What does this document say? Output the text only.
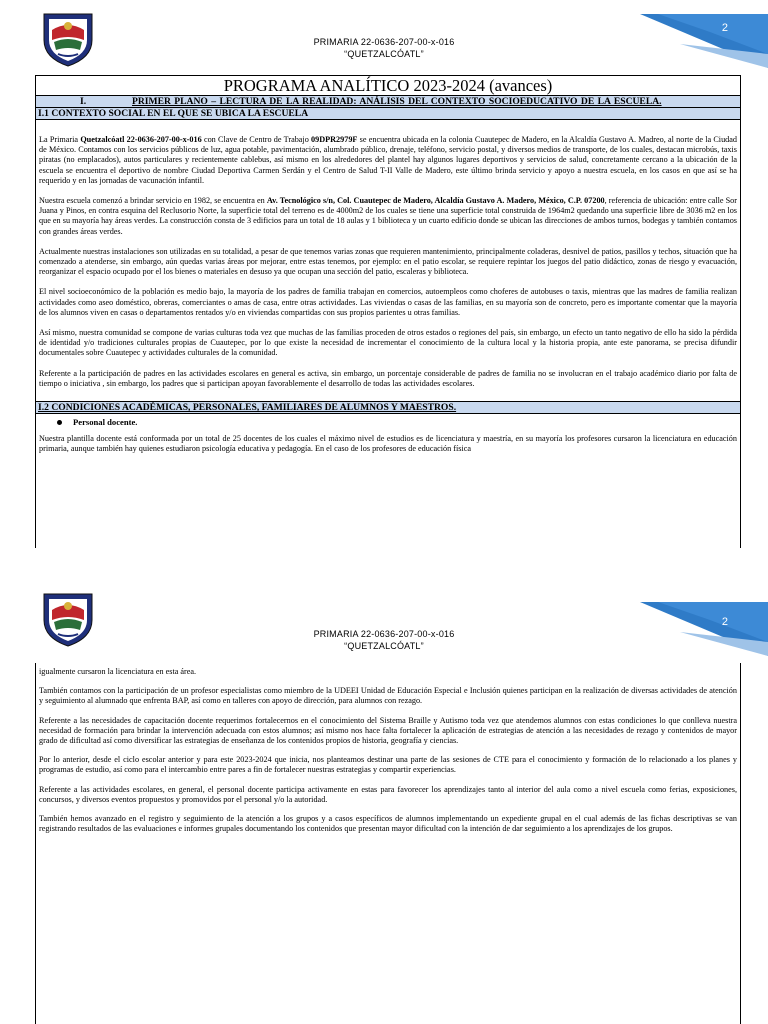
PRIMARIA 22-0636-207-00-x-016
“QUETZALCÓATL”
2
PROGRAMA ANALÍTICO 2023-2024 (avances)
I.	PRIMER PLANO – LECTURA DE LA REALIDAD: ANÁLISIS DEL CONTEXTO SOCIOEDUCATIVO DE LA ESCUELA.
I.1 CONTEXTO SOCIAL EN EL QUE SE UBICA LA ESCUELA

La Primaria Quetzalcóatl 22-0636-207-00-x-016 con Clave de Centro de Trabajo 09DPR2979F se encuentra ubicada en la colonia Cuautepec de Madero, en la Alcaldía Gustavo A. Madreo, al norte de la Ciudad de México. Contamos con los servicios públicos de luz, agua potable, pavimentación, alumbrado público, drenaje, teléfono, servicio postal, y diversos medios de transporte, de los cuales, destacan microbús, taxis piratas (no emplacados), autos particulares y recientemente cablebus, así mismo en los alrededores del plantel hay algunos lugares deportivos y servicios de salud, concretamente cercano a la ubicación de la escuela se encuentra el deportivo de nombre Ciudad Deportiva Carmen Serdán y el Centro de Salud T-II Valle de Madero, este último brinda servicio y apoyo a nuestra escuela, en los casos en que así se ha requerido y en las jornadas de vacunación infantil.

Nuestra escuela comenzó a brindar servicio en 1982, se encuentra en Av. Tecnológico s/n, Col. Cuautepec de Madero, Alcaldía Gustavo A. Madero, México, C.P. 07200, referencia de ubicación: entre calle Sor Juana y Pinos, en contra esquina del Reclusorio Norte, la superficie total del terreno es de 4000m2 de los cuales se tiene una superficie total construida de 1964m2 quedando una superficie libre de 3036 m2 en los que en su mayoría hay áreas verdes. La construcción consta de 3 edificios para un total de 18 aulas y 1 biblioteca y un cuarto edificio donde se ubican las direcciones de ambos turnos, bodegas y también contamos con grandes áreas verdes.

Actualmente nuestras instalaciones son utilizadas en su totalidad, a pesar de que tenemos varias zonas que requieren mantenimiento, principalmente coladeras, desnivel de patios, pasillos y techos, situación que ha comenzado a atenderse, sin embargo, aún quedas varias áreas por mejorar, entre estas tenemos, por ejemplo: en el patio escolar, se requiere repintar los juegos del patio didáctico, zonas de riesgo y evacuación, reorganizar el espacio ocupado por el los bienes o materiales en desuso ya que ocupan una sección del patio, escaleras y biblioteca.

El nivel socioeconómico de la población es medio bajo, la mayoría de los padres de familia trabajan en comercios, autoempleos como choferes de autobuses o taxis, mientras que las madres de familia realizan actividades como aseo doméstico, obreras, comerciantes o amas de casa, entre otras actividades. Las viviendas o casas de las familias, en su mayoría son de concreto, pero es importante comentar que la mayoría de los alumnos viven en casas o departamentos rentados y/o en viviendas compartidas con sus propios parientes u otras familias.

Así mismo, nuestra comunidad se compone de varias culturas toda vez que muchas de las familias proceden de otros estados o regiones del país, sin embargo, un efecto un tanto negativo de ello ha sido la pérdida de identidad y/o tradiciones culturales propias de Cuautepec, por lo que existe la necesidad de incrementar el conocimiento de la cultura local y la historia propia, ante este panorama, se precisa difundir documentales sobre Cuautepec y actividades culturales de la comunidad.

Referente a la participación de padres en las actividades escolares en general es activa, sin embargo, un porcentaje considerable de padres de familia no se involucran en el trabajo académico diario por falta de tiempo o iniciativa , sin embargo, los padres que si participan apoyan favorablemente el desarrollo de todas las actividades escolares.

I.2 CONDICIONES ACADÉMICAS, PERSONALES, FAMILIARES DE ALUMNOS Y MAESTROS.
Personal docente.

Nuestra plantilla docente está conformada por un total de 25 docentes de los cuales el máximo nivel de estudios es de licenciatura y maestría, en su mayoría los profesores cursaron la licenciatura en educación primaria, aunque también hay quienes estudiaron psicología educativa y pedagogía. En el caso de los profesores de educación física

PRIMARIA 22-0636-207-00-x-016
“QUETZALCÓATL”
2

igualmente cursaron la licenciatura en esta área.

También contamos con la participación de un profesor especialistas como miembro de la UDEEI Unidad de Educación Especial e Inclusión quienes participan en la realización de diversas actividades de atención y seguimiento al alumnado que enfrenta BAP, así como en talleres con apoyo de dirección, para alumnos con rezago.

Referente a las necesidades de capacitación docente requerimos fortalecernos en el conocimiento del Sistema Braille y Autismo toda vez que atendemos alumnos con estas condiciones lo que conlleva nuestra necesidad de formación para brindar la intervención adecuada con estos alumnos; así mismo nos hace falta fortalecer la aplicación de estrategias de atención a las necesidades de rezago y contenidos de mayor grado de dificultad así como diversificar las estrategias de enseñanza de los contenidos propios de historia, geografía y ciencias.

Por lo anterior, desde el ciclo escolar anterior y para este 2023-2024 que inicia, nos planteamos destinar una parte de las sesiones de CTE para el conocimiento y formación de lo relacionado a los planes y programas de estudio, así como para el intercambio entre pares a fin de fortalecer nuestras estrategias y compartir experiencias.

Referente a las actividades escolares, en general, el personal docente participa activamente en estas para favorecer los aprendizajes tanto al interior del aula como a nivel escuela como ferias, exposiciones, concursos, y diversos eventos propuestos y promovidos por el personal y/o la autoridad.

También hemos avanzado en el registro y seguimiento de la atención a los grupos y a casos específicos de alumnos implementando un expediente grupal en el cual además de las fichas descriptivas se van registrando resultados de las evaluaciones e informes grupales documentando los contenidos que presentan mayor dificultad con la intención de dar seguimiento a los aprendizajes de los grupos.
